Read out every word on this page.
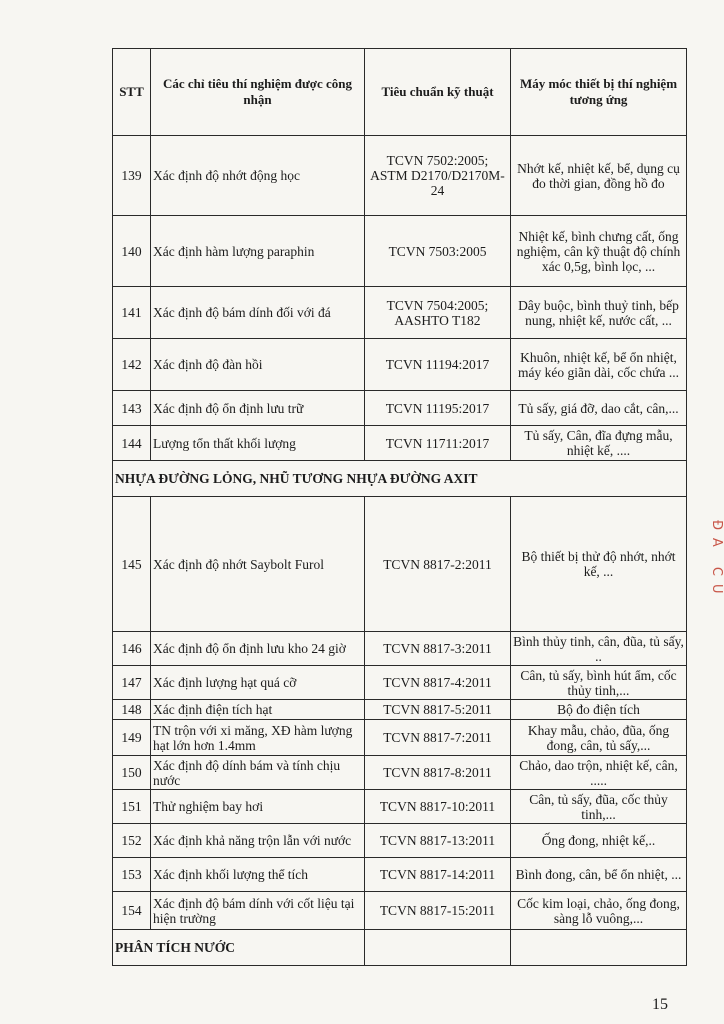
STT	Các chỉ tiêu thí nghiệm được công nhận	Tiêu chuẩn kỹ thuật	Máy móc thiết bị thí nghiệm tương ứng
139	Xác định độ nhớt động học	TCVN 7502:2005; ASTM D2170/D2170M-24	Nhớt kế, nhiệt kế, bể, dụng cụ đo thời gian, đồng hồ đo
140	Xác định hàm lượng paraphin	TCVN 7503:2005	Nhiệt kế, bình chưng cất, ống nghiệm, cân kỹ thuật độ chính xác 0,5g, bình lọc, ...
141	Xác định độ bám dính đối với đá	TCVN 7504:2005; AASHTO T182	Dây buộc, bình thuỷ tinh, bếp nung, nhiệt kế, nước cất, ...
142	Xác định độ đàn hồi	TCVN 11194:2017	Khuôn, nhiệt kế, bể ổn nhiệt, máy kéo giãn dài, cốc chứa ...
143	Xác định độ ổn định lưu trữ	TCVN 11195:2017	Tủ sấy, giá đỡ, dao cắt, cân,...
144	Lượng tổn thất khối lượng	TCVN 11711:2017	Tủ sấy, Cân, đĩa đựng mẫu, nhiệt kế, ....
NHỰA ĐƯỜNG LỎNG, NHŨ TƯƠNG NHỰA ĐƯỜNG AXIT			
145	Xác định độ nhớt Saybolt Furol	TCVN 8817-2:2011	Bộ thiết bị thử độ nhớt, nhớt kế, ...
146	Xác định độ ổn định lưu kho 24 giờ	TCVN 8817-3:2011	Bình thủy tinh, cân, đũa, tủ sấy, ..
147	Xác định lượng hạt quá cỡ	TCVN 8817-4:2011	Cân, tủ sấy, bình hút ẩm, cốc thủy tinh,...
148	Xác định điện tích hạt	TCVN 8817-5:2011	Bộ đo điện tích
149	TN trộn với xi măng, XĐ hàm lượng hạt lớn hơn 1.4mm	TCVN 8817-7:2011	Khay mẫu, chảo, đũa, ống đong, cân, tủ sấy,...
150	Xác định độ dính bám và tính chịu nước	TCVN 8817-8:2011	Chảo, dao trộn, nhiệt kế, cân, .....
151	Thử nghiệm bay hơi	TCVN 8817-10:2011	Cân, tủ sấy, đũa, cốc thủy tinh,...
152	Xác định khả năng trộn lẫn với nước	TCVN 8817-13:2011	Ống đong, nhiệt kế,..
153	Xác định khối lượng thể tích	TCVN 8817-14:2011	Bình đong, cân, bể ổn nhiệt, ...
154	Xác định độ bám dính với cốt liệu tại hiện trường	TCVN 8817-15:2011	Cốc kim loại, chảo, ống đong, sàng lỗ vuông,...
PHÂN TÍCH NƯỚC			
ĐÃ CỦ
15
